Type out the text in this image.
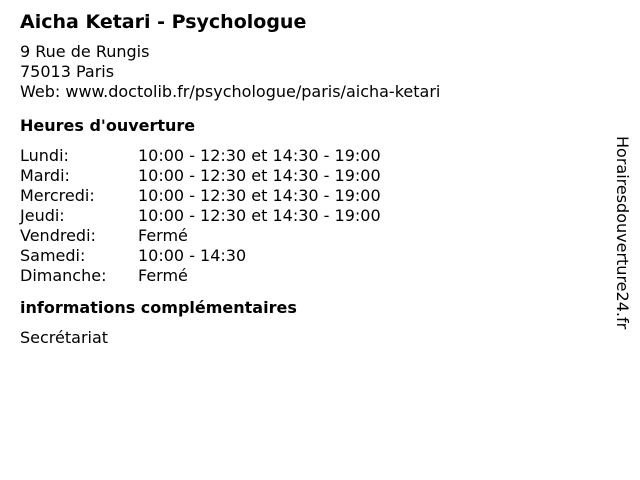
Aicha Ketari - Psychologue
9 Rue de Rungis
75013 Paris
Web: www.doctolib.fr/psychologue/paris/aicha-ketari
Heures d'ouverture
Lundi:	10:00 - 12:30 et 14:30 - 19:00
Mardi:	10:00 - 12:30 et 14:30 - 19:00
Mercredi:	10:00 - 12:30 et 14:30 - 19:00
Jeudi:	10:00 - 12:30 et 14:30 - 19:00
Vendredi:	Fermé
Samedi:	10:00 - 14:30
Dimanche:	Fermé
informations complémentaires
Secrétariat
Horairesdouverture24.fr
